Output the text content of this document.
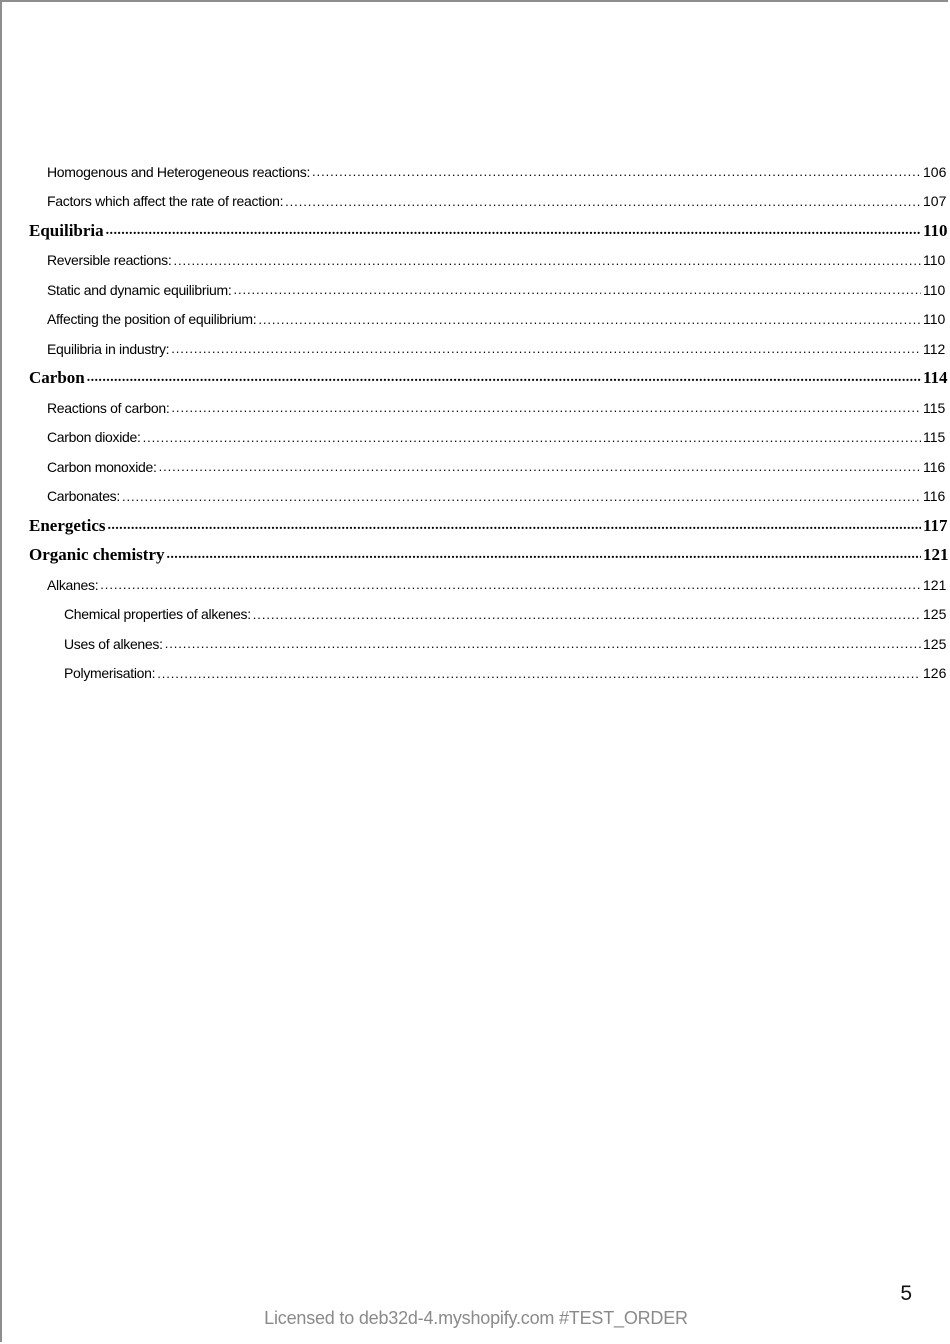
Homogenous and Heterogeneous reactions: .....	106
Factors which affect the rate of reaction: .....	107
Equilibria .....	110
Reversible reactions: .....	110
Static and dynamic equilibrium: .....	110
Affecting the position of equilibrium: .....	110
Equilibria in industry: .....	112
Carbon .....	114
Reactions of carbon: .....	115
Carbon dioxide: .....	115
Carbon monoxide: .....	116
Carbonates: .....	116
Energetics .....	117
Organic chemistry .....	121
Alkanes: .....	121
Chemical properties of alkenes: .....	125
Uses of alkenes: .....	125
Polymerisation: .....	126
5
Licensed to deb32d-4.myshopify.com #TEST_ORDER
